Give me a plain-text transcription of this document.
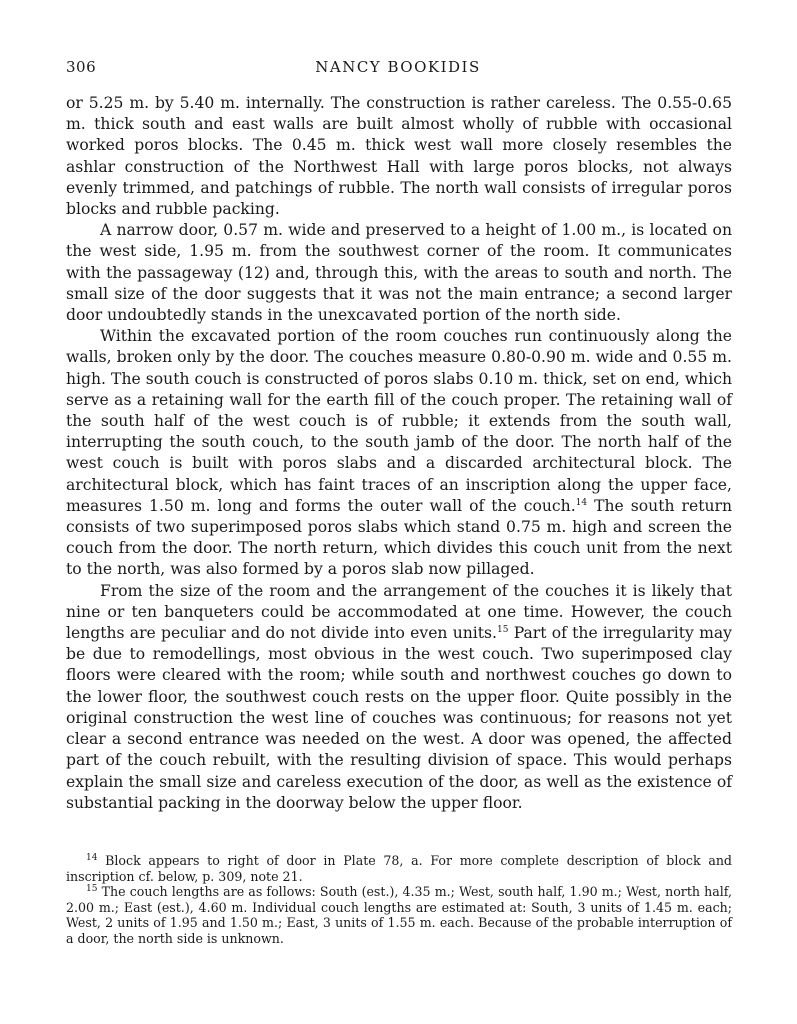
306	NANCY BOOKIDIS

or 5.25 m. by 5.40 m. internally. The construction is rather careless. The 0.55-0.65 m. thick south and east walls are built almost wholly of rubble with occasional worked poros blocks. The 0.45 m. thick west wall more closely resembles the ashlar construction of the Northwest Hall with large poros blocks, not always evenly trimmed, and patchings of rubble. The north wall consists of irregular poros blocks and rubble packing.

A narrow door, 0.57 m. wide and preserved to a height of 1.00 m., is located on the west side, 1.95 m. from the southwest corner of the room. It communicates with the passageway (12) and, through this, with the areas to south and north. The small size of the door suggests that it was not the main entrance; a second larger door undoubtedly stands in the unexcavated portion of the north side.

Within the excavated portion of the room couches run continuously along the walls, broken only by the door. The couches measure 0.80-0.90 m. wide and 0.55 m. high. The south couch is constructed of poros slabs 0.10 m. thick, set on end, which serve as a retaining wall for the earth fill of the couch proper. The retaining wall of the south half of the west couch is of rubble; it extends from the south wall, interrupting the south couch, to the south jamb of the door. The north half of the west couch is built with poros slabs and a discarded architectural block. The architectural block, which has faint traces of an inscription along the upper face, measures 1.50 m. long and forms the outer wall of the couch.$^{14}$ The south return consists of two superimposed poros slabs which stand 0.75 m. high and screen the couch from the door. The north return, which divides this couch unit from the next to the north, was also formed by a poros slab now pillaged.

From the size of the room and the arrangement of the couches it is likely that nine or ten banqueters could be accommodated at one time. However, the couch lengths are peculiar and do not divide into even units.$^{15}$ Part of the irregularity may be due to remodellings, most obvious in the west couch. Two superimposed clay floors were cleared with the room; while south and northwest couches go down to the lower floor, the southwest couch rests on the upper floor. Quite possibly in the original construction the west line of couches was continuous; for reasons not yet clear a second entrance was needed on the west. A door was opened, the affected part of the couch rebuilt, with the resulting division of space. This would perhaps explain the small size and careless execution of the door, as well as the existence of substantial packing in the doorway below the upper floor.

$^{14}$ Block appears to right of door in Plate 78, a. For more complete description of block and inscription cf. below, p. 309, note 21.

$^{15}$ The couch lengths are as follows: South (est.), 4.35 m.; West, south half, 1.90 m.; West, north half, 2.00 m.; East (est.), 4.60 m. Individual couch lengths are estimated at: South, 3 units of 1.45 m. each; West, 2 units of 1.95 and 1.50 m.; East, 3 units of 1.55 m. each. Because of the probable interruption of a door, the north side is unknown.
